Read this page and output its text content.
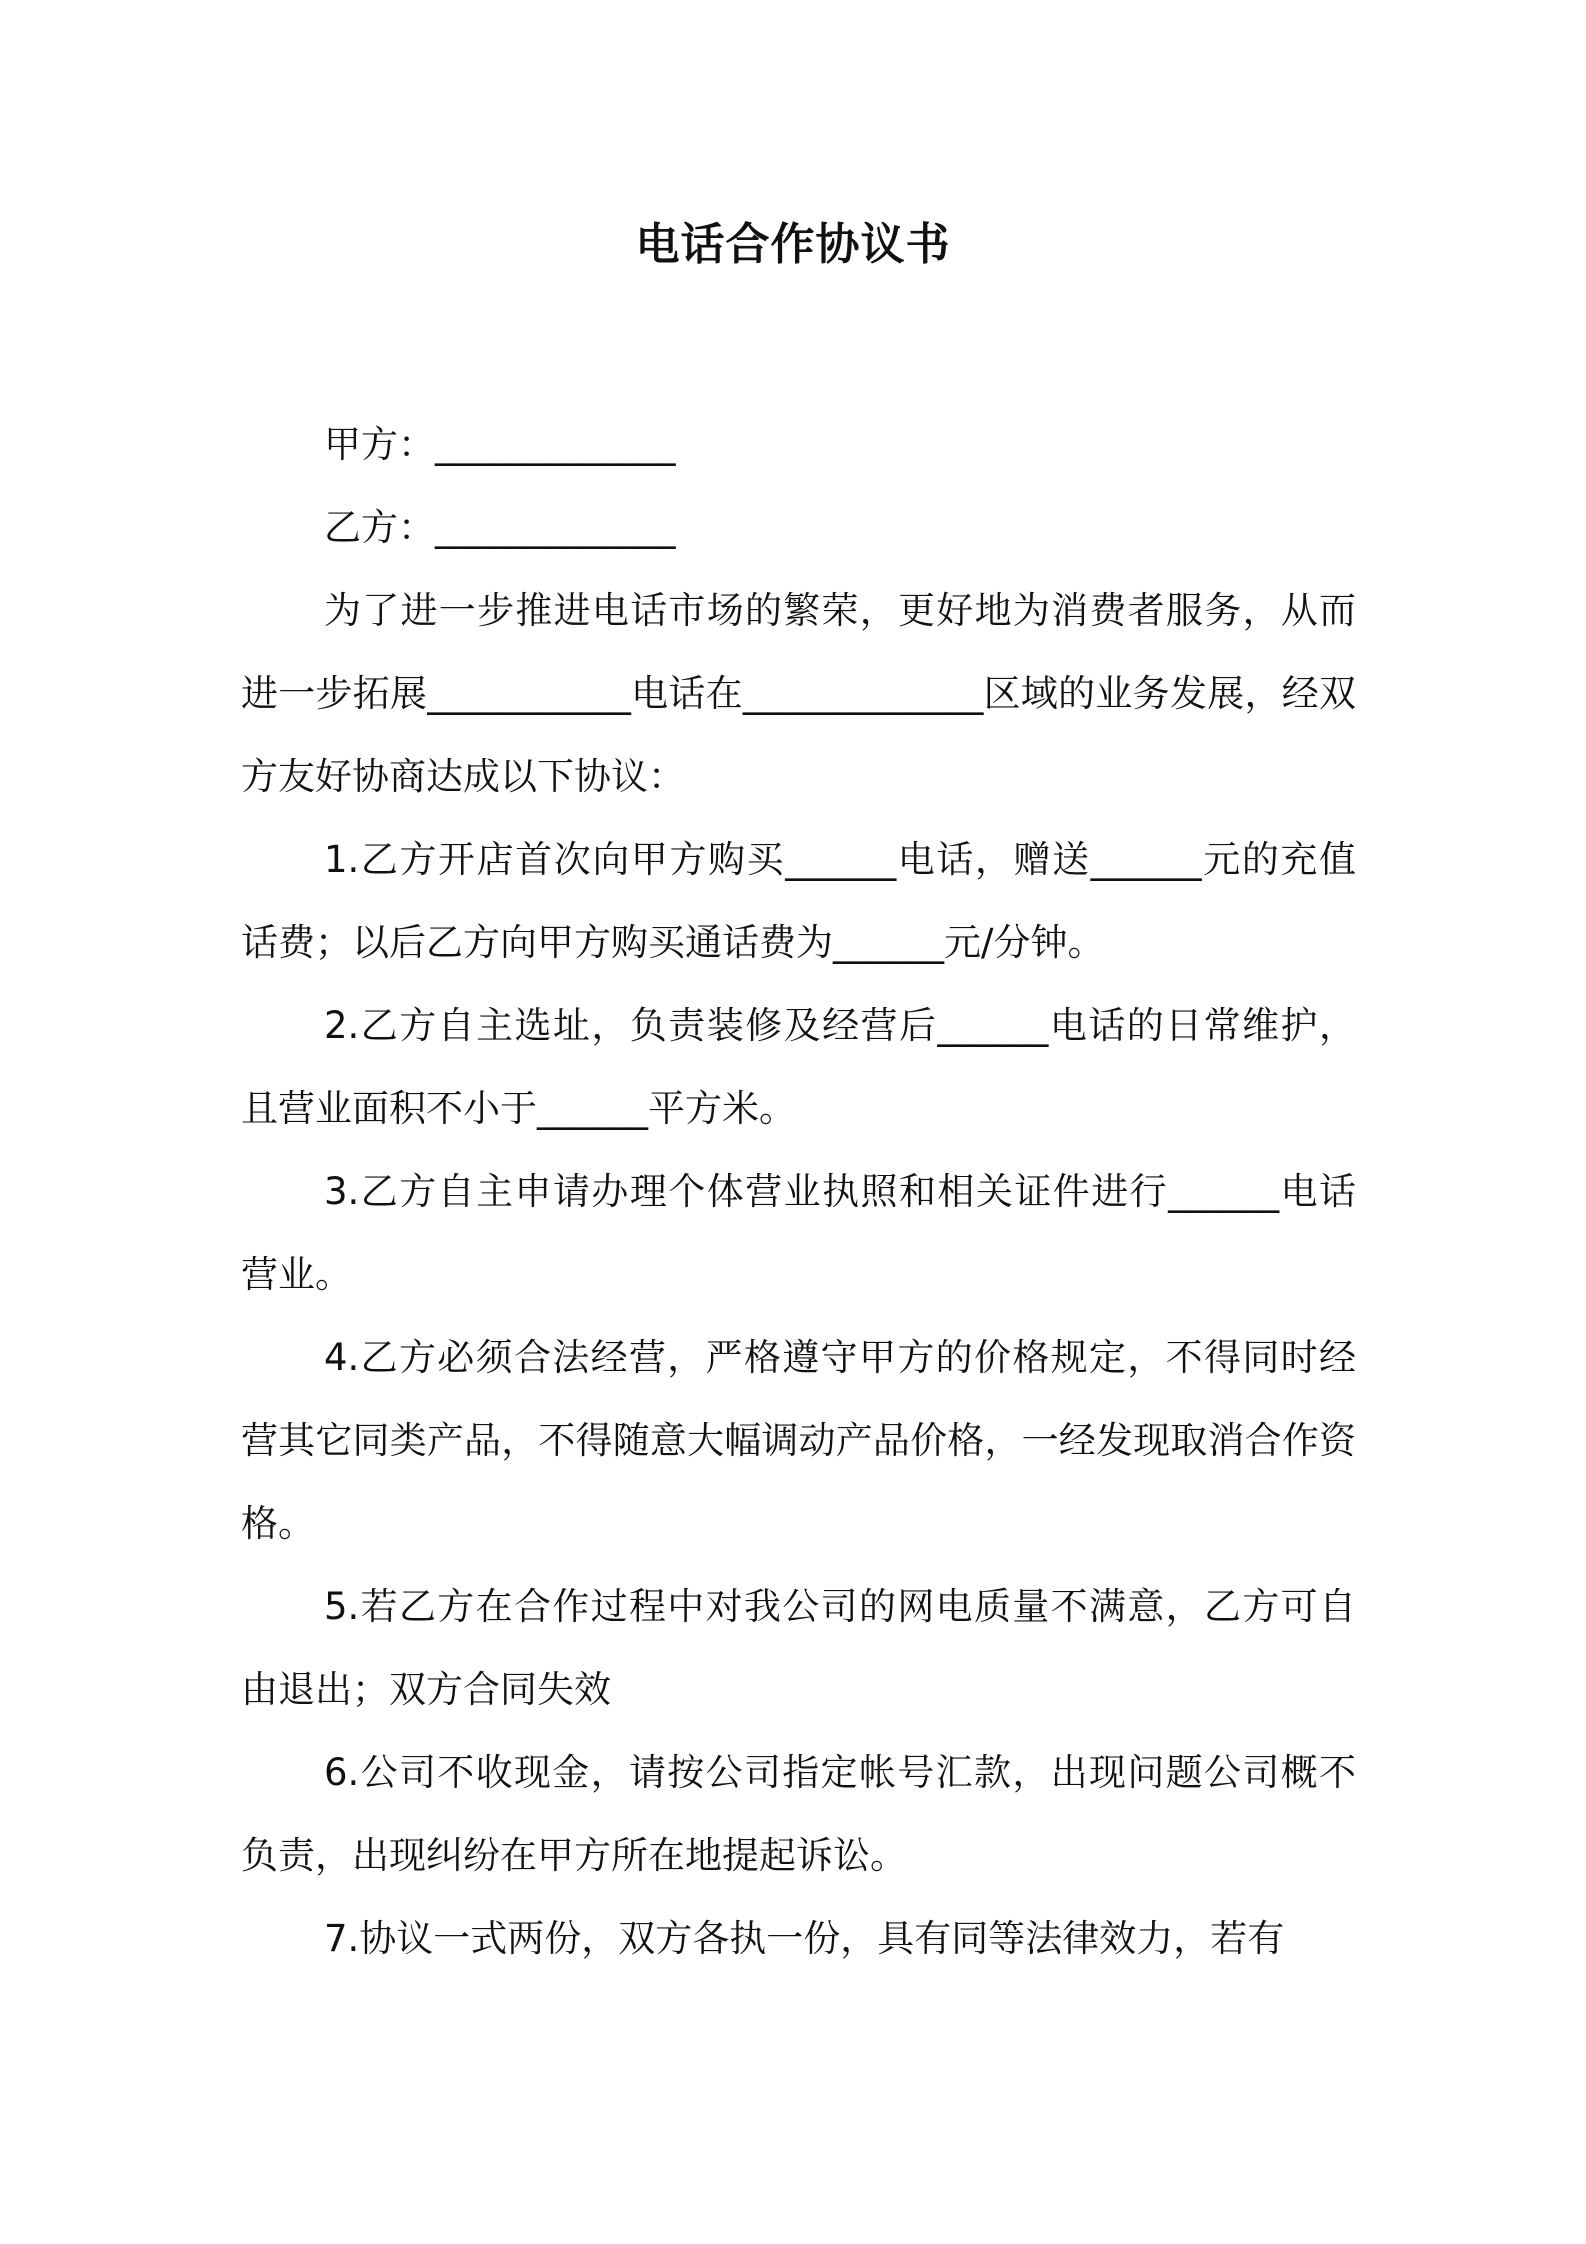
电话合作协议书

甲方：_____________

乙方：_____________

为了进一步推进电话市场的繁荣，更好地为消费者服务，从而进一步拓展___________电话在_____________区域的业务发展，经双方友好协商达成以下协议：

1.乙方开店首次向甲方购买______电话，赠送______元的充值话费；以后乙方向甲方购买通话费为______元/分钟。

2.乙方自主选址，负责装修及经营后______电话的日常维护，且营业面积不小于______平方米。

3.乙方自主申请办理个体营业执照和相关证件进行______电话营业。

4.乙方必须合法经营，严格遵守甲方的价格规定，不得同时经营其它同类产品，不得随意大幅调动产品价格，一经发现取消合作资格。

5.若乙方在合作过程中对我公司的网电质量不满意，乙方可自由退出；双方合同失效

6.公司不收现金，请按公司指定帐号汇款，出现问题公司概不负责，出现纠纷在甲方所在地提起诉讼。

7.协议一式两份，双方各执一份，具有同等法律效力，若有
